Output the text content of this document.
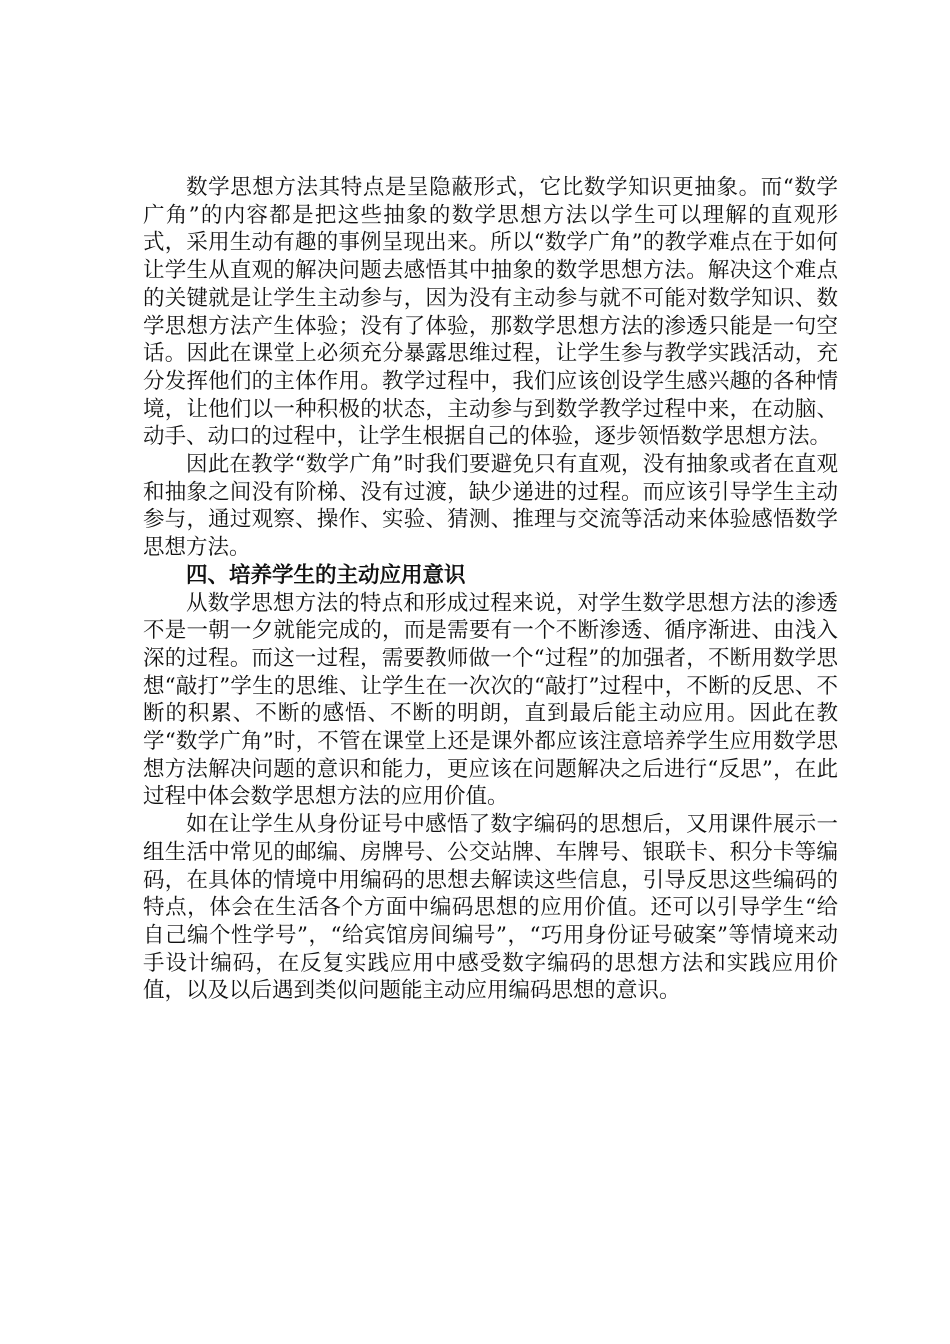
数学思想方法其特点是呈隐蔽形式，它比数学知识更抽象。而“数学广角”的内容都是把这些抽象的数学思想方法以学生可以理解的直观形式，采用生动有趣的事例呈现出来。所以“数学广角”的教学难点在于如何让学生从直观的解决问题去感悟其中抽象的数学思想方法。解决这个难点的关键就是让学生主动参与，因为没有主动参与就不可能对数学知识、数学思想方法产生体验；没有了体验，那数学思想方法的渗透只能是一句空话。因此在课堂上必须充分暴露思维过程，让学生参与教学实践活动，充分发挥他们的主体作用。教学过程中，我们应该创设学生感兴趣的各种情境，让他们以一种积极的状态，主动参与到数学教学过程中来，在动脑、动手、动口的过程中，让学生根据自己的体验，逐步领悟数学思想方法。

因此在教学“数学广角”时我们要避免只有直观，没有抽象或者在直观和抽象之间没有阶梯、没有过渡，缺少递进的过程。而应该引导学生主动参与，通过观察、操作、实验、猜测、推理与交流等活动来体验感悟数学思想方法。

四、培养学生的主动应用意识

从数学思想方法的特点和形成过程来说，对学生数学思想方法的渗透不是一朝一夕就能完成的，而是需要有一个不断渗透、循序渐进、由浅入深的过程。而这一过程，需要教师做一个“过程”的加强者，不断用数学思想“敲打”学生的思维、让学生在一次次的“敲打”过程中，不断的反思、不断的积累、不断的感悟、不断的明朗，直到最后能主动应用。因此在教学“数学广角”时，不管在课堂上还是课外都应该注意培养学生应用数学思想方法解决问题的意识和能力，更应该在问题解决之后进行“反思”，在此过程中体会数学思想方法的应用价值。

如在让学生从身份证号中感悟了数字编码的思想后，又用课件展示一组生活中常见的邮编、房牌号、公交站牌、车牌号、银联卡、积分卡等编码，在具体的情境中用编码的思想去解读这些信息，引导反思这些编码的特点，体会在生活各个方面中编码思想的应用价值。还可以引导学生“给自己编个性学号”，“给宾馆房间编号”，“巧用身份证号破案”等情境来动手设计编码，在反复实践应用中感受数字编码的思想方法和实践应用价值，以及以后遇到类似问题能主动应用编码思想的意识。
